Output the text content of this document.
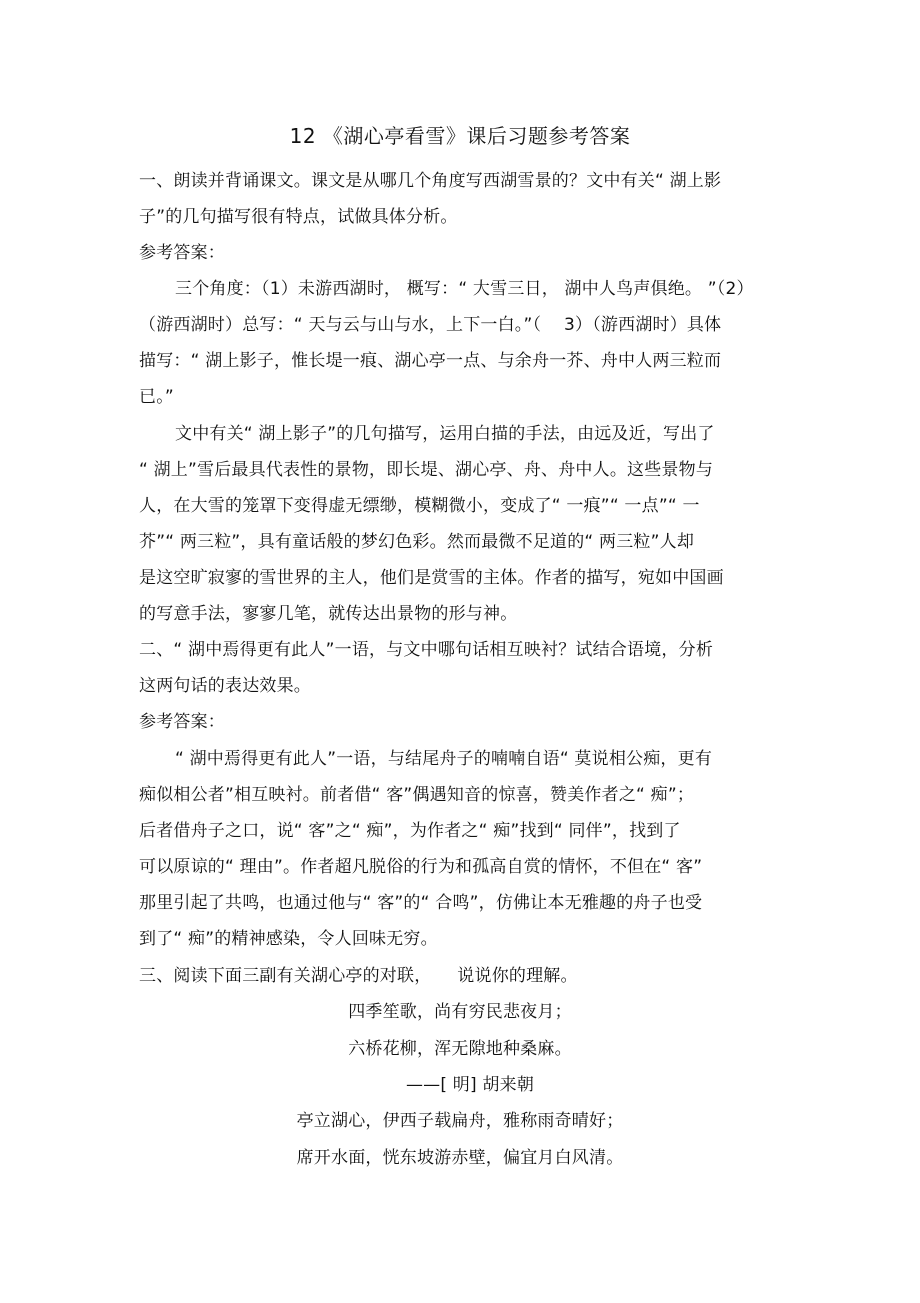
12 《湖心亭看雪》课后习题参考答案
一、朗读并背诵课文。课文是从哪几个角度写西湖雪景的？文中有关“ 湖上影
子”的几句描写很有特点，试做具体分析。
参考答案：
三个角度：（1）未游西湖时， 概写：“ 大雪三日， 湖中人鸟声俱绝。 ”（2）
（游西湖时）总写：“ 天与云与山与水，上下一白。”（　 3）（游西湖时）具体
描写：“ 湖上影子，惟长堤一痕、湖心亭一点、与余舟一芥、舟中人两三粒而
已。”
文中有关“ 湖上影子”的几句描写，运用白描的手法，由远及近，写出了
“ 湖上”雪后最具代表性的景物，即长堤、湖心亭、舟、舟中人。这些景物与
人，在大雪的笼罩下变得虚无缥缈，模糊微小，变成了“ 一痕”“ 一点”“ 一
芥”“ 两三粒”，具有童话般的梦幻色彩。然而最微不足道的“ 两三粒”人却
是这空旷寂寥的雪世界的主人，他们是赏雪的主体。作者的描写，宛如中国画
的写意手法，寥寥几笔，就传达出景物的形与神。
二、“ 湖中焉得更有此人”一语，与文中哪句话相互映衬？试结合语境，分析
这两句话的表达效果。
参考答案：
“ 湖中焉得更有此人”一语，与结尾舟子的喃喃自语“ 莫说相公痴，更有
痴似相公者”相互映衬。前者借“ 客”偶遇知音的惊喜，赞美作者之“ 痴”；
后者借舟子之口，说“ 客”之“ 痴”，为作者之“ 痴”找到“ 同伴”，找到了
可以原谅的“ 理由”。作者超凡脱俗的行为和孤高自赏的情怀，不但在“ 客”
那里引起了共鸣，也通过他与“ 客”的“ 合鸣”，仿佛让本无雅趣的舟子也受
到了“ 痴”的精神感染，令人回味无穷。
三、阅读下面三副有关湖心亭的对联，　　说说你的理解。
四季笙歌，尚有穷民悲夜月；
六桥花柳，浑无隙地种桑麻。
——[ 明] 胡来朝
亭立湖心，伊西子载扁舟，雅称雨奇晴好；
席开水面，恍东坡游赤壁，偏宜月白风清。
